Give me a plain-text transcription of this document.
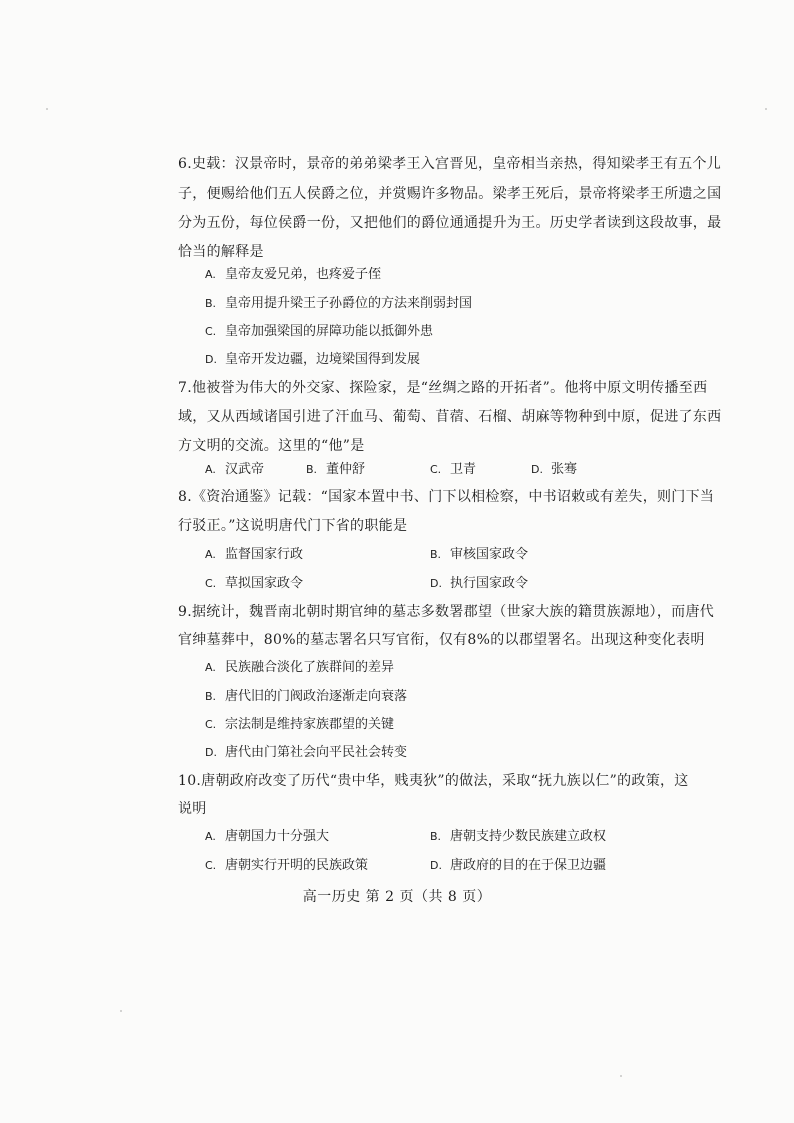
6.史载：汉景帝时，景帝的弟弟梁孝王入宫晋见，皇帝相当亲热，得知梁孝王有五个儿
子，便赐给他们五人侯爵之位，并赏赐许多物品。梁孝王死后，景帝将梁孝王所遗之国
分为五份，每位侯爵一份，又把他们的爵位通通提升为王。历史学者读到这段故事，最
恰当的解释是
A. 皇帝友爱兄弟，也疼爱子侄
B. 皇帝用提升梁王子孙爵位的方法来削弱封国
C. 皇帝加强梁国的屏障功能以抵御外患
D. 皇帝开发边疆，边境梁国得到发展
7.他被誉为伟大的外交家、探险家，是“丝绸之路的开拓者”。他将中原文明传播至西
域，又从西域诸国引进了汗血马、葡萄、苜蓿、石榴、胡麻等物种到中原，促进了东西
方文明的交流。这里的“他”是
A. 汉武帝	B. 董仲舒	C. 卫青	D. 张骞
8.《资治通鉴》记载：“国家本置中书、门下以相检察，中书诏敕或有差失，则门下当
行驳正。”这说明唐代门下省的职能是
A. 监督国家行政	B. 审核国家政令
C. 草拟国家政令	D. 执行国家政令
9.据统计，魏晋南北朝时期官绅的墓志多数署郡望（世家大族的籍贯族源地），而唐代
官绅墓葬中，80%的墓志署名只写官衔，仅有8%的以郡望署名。出现这种变化表明
A. 民族融合淡化了族群间的差异
B. 唐代旧的门阀政治逐渐走向衰落
C. 宗法制是维持家族郡望的关键
D. 唐代由门第社会向平民社会转变
10.唐朝政府改变了历代“贵中华，贱夷狄”的做法，采取“抚九族以仁”的政策，这
说明
A. 唐朝国力十分强大	B. 唐朝支持少数民族建立政权
C. 唐朝实行开明的民族政策	D. 唐政府的目的在于保卫边疆
高一历史 第 2 页（共 8 页）
